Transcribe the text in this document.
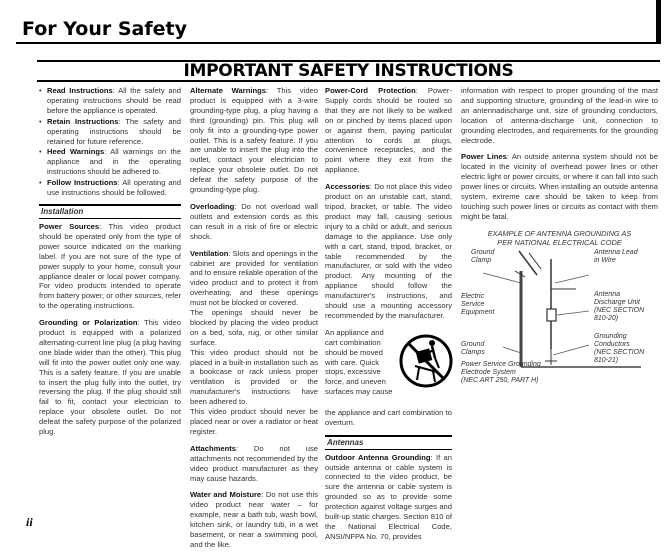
For Your Safety
IMPORTANT SAFETY INSTRUCTIONS
• Read Instructions: All the safety and operating instructions should be read before the appliance is operated.
• Retain Instructions: The safety and operating instructions should be retained for future reference.
• Heed Warnings: All warnings on the appliance and in the operating instructions should be adhered to.
• Follow Instructions: All operating and use instructions should be followed.
Installation

Power Sources: This video product should be operated only from the type of power source indicated on the marking label. If you are not sure of the type of power supply to your home, consult your appliance dealer or local power company. For video products intended to operate from battery power, or other sources, refer to the operating instructions.

Grounding or Polarization: This video product is equipped with a polarized alternating-current line plug (a plug having one blade wider than the other). This plug will fit into the power outlet only one way. This is a safety feature. If you are unable to insert the plug fully into the outlet, try reversing the plug. If the plug should still fail to fit, contact your electrician to replace your obsolete outlet. Do not defeat the safety purpose of the polarized plug.

Alternate Warnings: This video product is equipped with a 3-wire grounding-type plug, a plug having a third (grounding) pin. This plug will only fit into a grounding-type power outlet. This is a safety feature. If you are unable to insert the plug into the outlet, contact your electrician to replace your obsolete outlet. Do not defeat the safety purpose of the grounding-type plug.

Overloading: Do not overload wall outlets and extension cords as this can result in a risk of fire or electric shock.

Ventilation: Slots and openings in the cabinet are provided for ventilation and to ensure reliable operation of the video product and to protect it from overheating, and these openings must not be blocked or covered.

The openings should never be blocked by placing the video product on a bed, sofa, rug, or other similar surface.

This video product should not be placed in a built-in installation such as a bookcase or rack unless proper ventilation is provided or the manufacturer's instructions have been adhered to.

This video product should never be placed near or over a radiator or heat register.

Attachments: Do not use attachments not recommended by the video product manufacturer as they may cause hazards.

Water and Moisture: Do not use this video product near water – for example, near a bath tub, wash bowl, kitchen sink, or laundry tub, in a wet basement, or near a swimming pool, and the like.

Power-Cord Protection: Power-Supply cords should be routed so that they are not likely to be walked on or pinched by items placed upon or against them, paying particular attention to cords at plugs, convenience receptacles, and the point where they exit from the appliance.

Accessories: Do not place this video product on an unstable cart, stand, tripod, bracket, or table. The video product may fall, causing serious injury to a child or adult, and serious damage to the appliance. Use only with a cart, stand, tripod, bracket, or table recommended by the manufacturer, or sold with the video product. Any mounting of the appliance should follow the manufacturer's instructions, and should use a mounting accessory recommended by the manufacturer.

An appliance and cart combination should be moved with care. Quick stops, excessive force, and uneven surfaces may cause

the appliance and cart combination to overturn.

Antennas

Outdoor Antenna Grounding: If an outside antenna or cable system is connected to the video product, be sure the antenna or cable system is grounded so as to provide some protection against voltage surges and built-up static charges. Section 810 of the National Electrical Code, ANSI/NFPA No. 70, provides

information with respect to proper grounding of the mast and supporting structure, grounding of the lead-in wire to an antennadischarge unit, size of grounding conductors, location of antenna-discharge unit, connection to grounding electrodes, and requirements for the grounding electrode.

Power Lines: An outside antenna system should not be located in the vicinity of overhead power lines or other electric light or power circuits, or where it can fall into such power lines or circuits. When installing an outside antenna system, extreme care should be taken to keep from touching such power lines or circuits as contact with them might be fatal.

EXAMPLE OF ANTENNA GROUNDING AS
PER NATIONAL ELECTRICAL CODE
Ground
Clamp
Antenna Lead
in Wire
Electric
Service
Equipment
Antenna
Discharge Unit
(NEC SECTION
810-20)
Ground
Clamps
Grounding
Conductors
(NEC SECTION
810-21)
Power Service Grounding
Electrode System
(NEC ART 250, PART H)
ii
